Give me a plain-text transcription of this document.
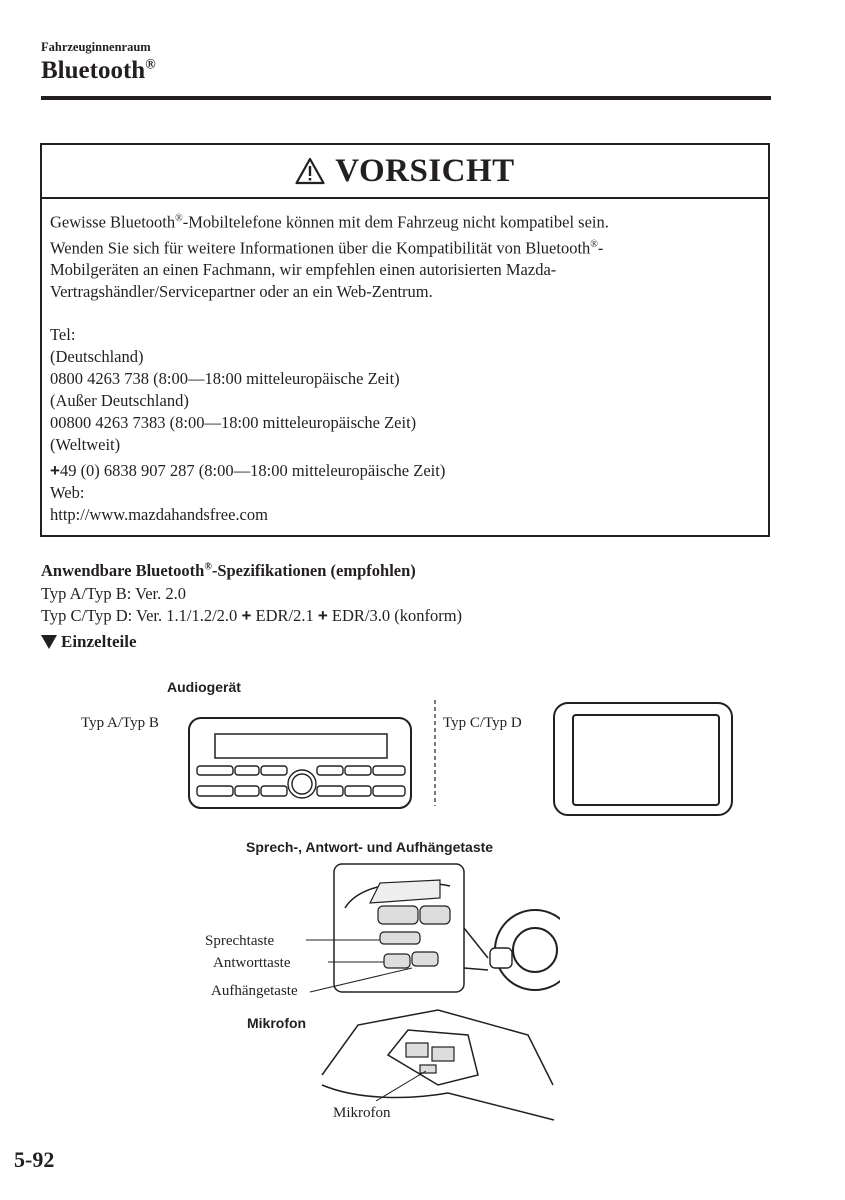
Fahrzeuginnenraum
Bluetooth®
VORSICHT

Gewisse Bluetooth®-Mobiltelefone können mit dem Fahrzeug nicht kompatibel sein.

Wenden Sie sich für weitere Informationen über die Kompatibilität von Bluetooth®-

Mobilgeräten an einen Fachmann, wir empfehlen einen autorisierten Mazda-

Vertragshändler/Servicepartner oder an ein Web-Zentrum.

Tel:

(Deutschland)

0800 4263 738 (8:00—18:00 mitteleuropäische Zeit)

(Außer Deutschland)

00800 4263 7383 (8:00—18:00 mitteleuropäische Zeit)

(Weltweit)

+49 (0) 6838 907 287 (8:00—18:00 mitteleuropäische Zeit)

Web:

http://www.mazdahandsfree.com

Anwendbare Bluetooth®-Spezifikationen (empfohlen)
Typ A/Typ B: Ver. 2.0
Typ C/Typ D: Ver. 1.1/1.2/2.0 + EDR/2.1 + EDR/3.0 (konform)
Einzelteile
Audiogerät
Typ A/Typ B	Typ C/Typ D
Sprech-, Antwort- und Aufhängetaste
Sprechtaste
Antworttaste
Aufhängetaste
Mikrofon
Mikrofon
5-92
